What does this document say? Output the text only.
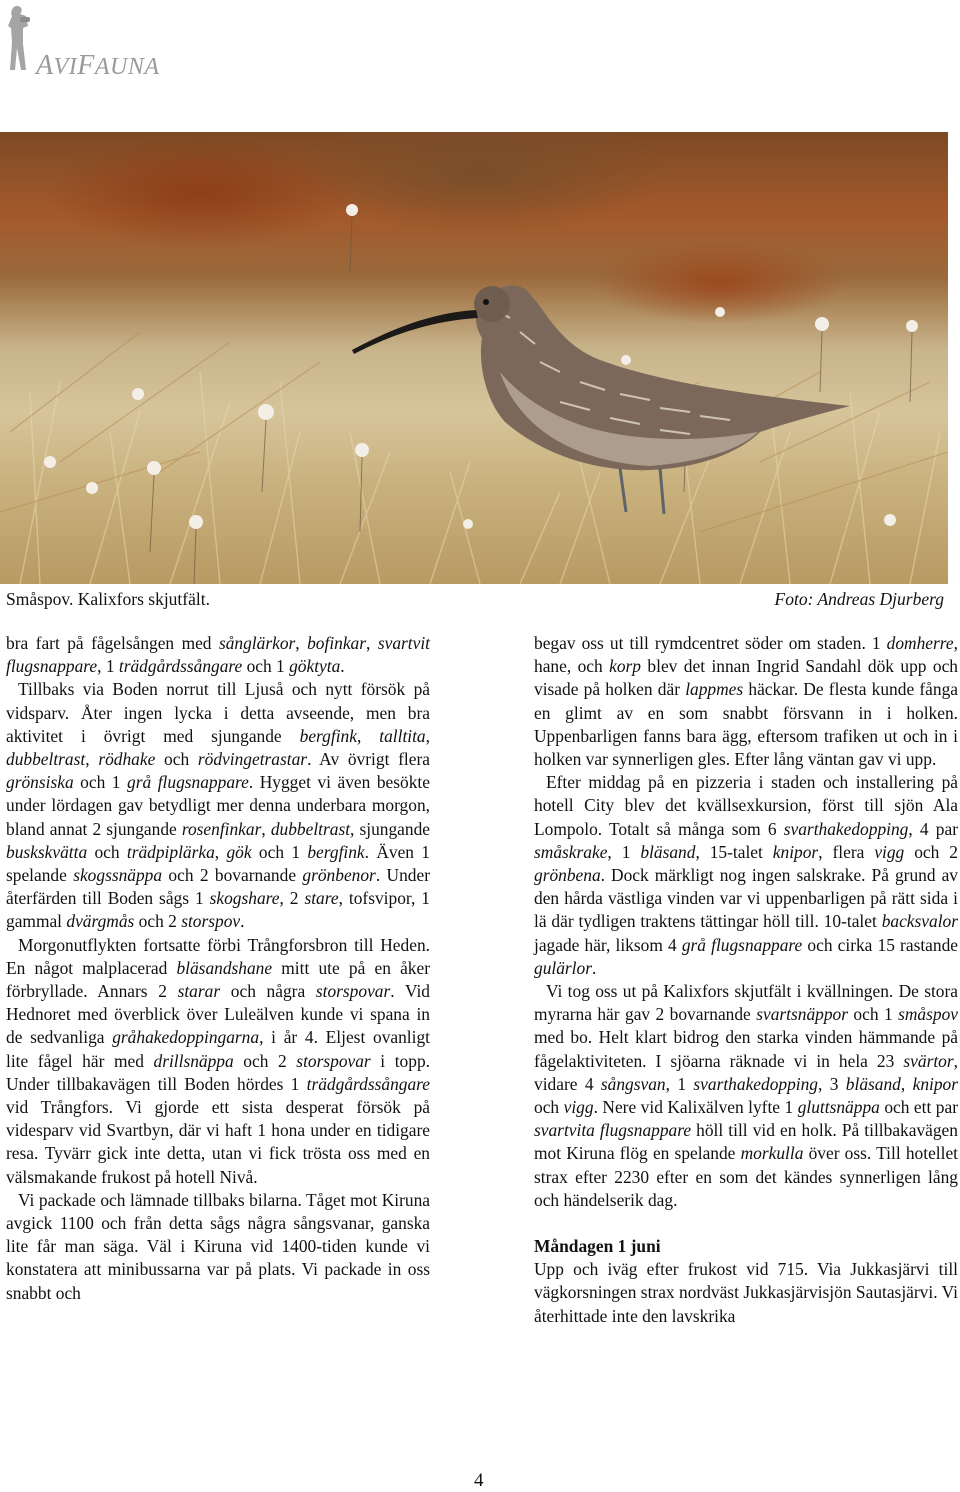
AVIFAUNA
Småspov. Kalixfors skjutfält.	Foto: Andreas Djurberg

bra fart på fågelsången med sånglärkor, bofinkar, svartvit flugsnappare, 1 trädgårdssångare och 1 göktyta.

Tillbaks via Boden norrut till Ljuså och nytt försök på vidsparv. Åter ingen lycka i detta avseende, men bra aktivitet i övrigt med sjungande bergfink, talltita, dubbeltrast, rödhake och rödvingetrastar. Av övrigt flera grönsiska och 1 grå flugsnappare. Hygget vi även besökte under lördagen gav betydligt mer denna underbara morgon, bland annat 2 sjungande rosenfinkar, dubbeltrast, sjungande buskskvätta och trädpiplärka, gök och 1 bergfink. Även 1 spelande skogssnäppa och 2 bovarnande grönbenor. Under återfärden till Boden sågs 1 skogshare, 2 stare, tofsvipor, 1 gammal dvärgmås och 2 storspov.

Morgonutflykten fortsatte förbi Trångforsbron till Heden. En något malplacerad bläsandshane mitt ute på en åker förbryllade. Annars 2 starar och några storspovar. Vid Hednoret med överblick över Luleälven kunde vi spana in de sedvanliga gråhakedoppingarna, i år 4. Eljest ovanligt lite fågel här med drillsnäppa och 2 storspovar i topp. Under tillbakavägen till Boden hördes 1 trädgårdssångare vid Trångfors. Vi gjorde ett sista desperat försök på videsparv vid Svartbyn, där vi haft 1 hona under en tidigare resa. Tyvärr gick inte detta, utan vi fick trösta oss med en välsmakande frukost på hotell Nivå.

Vi packade och lämnade tillbaks bilarna. Tåget mot Kiruna avgick 1100 och från detta sågs några sångsvanar, ganska lite får man säga. Väl i Kiruna vid 1400-tiden kunde vi konstatera att minibussarna var på plats. Vi packade in oss snabbt och

begav oss ut till rymdcentret söder om staden. 1 domherre, hane, och korp blev det innan Ingrid Sandahl dök upp och visade på holken där lappmes häckar. De flesta kunde fånga en glimt av en som snabbt försvann in i holken. Uppenbarligen fanns bara ägg, eftersom trafiken ut och in i holken var synnerligen gles. Efter lång väntan gav vi upp.

Efter middag på en pizzeria i staden och installering på hotell City blev det kvällsexkursion, först till sjön Ala Lompolo. Totalt så många som 6 svarthakedopping, 4 par småskrake, 1 bläsand, 15-talet knipor, flera vigg och 2 grönbena. Dock märkligt nog ingen salskrake. På grund av den hårda västliga vinden var vi uppenbarligen på rätt sida i lä där tydligen traktens tättingar höll till. 10-talet backsvalor jagade här, liksom 4 grå flugsnappare och cirka 15 rastande gulärlor.

Vi tog oss ut på Kalixfors skjutfält i kvällningen. De stora myrarna här gav 2 bovarnande svartsnäppor och 1 småspov med bo. Helt klart bidrog den starka vinden hämmande på fågelaktiviteten. I sjöarna räknade vi in hela 23 svärtor, vidare 4 sångsvan, 1 svarthakedopping, 3 bläsand, knipor och vigg. Nere vid Kalixälven lyfte 1 gluttsnäppa och ett par svartvita flugsnappare höll till vid en holk. På tillbakavägen mot Kiruna flög en spelande morkulla över oss. Till hotellet strax efter 2230 efter en som det kändes synnerligen lång och händelserik dag.

Måndagen 1 juni

Upp och iväg efter frukost vid 715. Via Jukkasjärvi till vägkorsningen strax nordväst Jukkasjärvisjön Sautasjärvi. Vi återhittade inte den lavskrika

4
